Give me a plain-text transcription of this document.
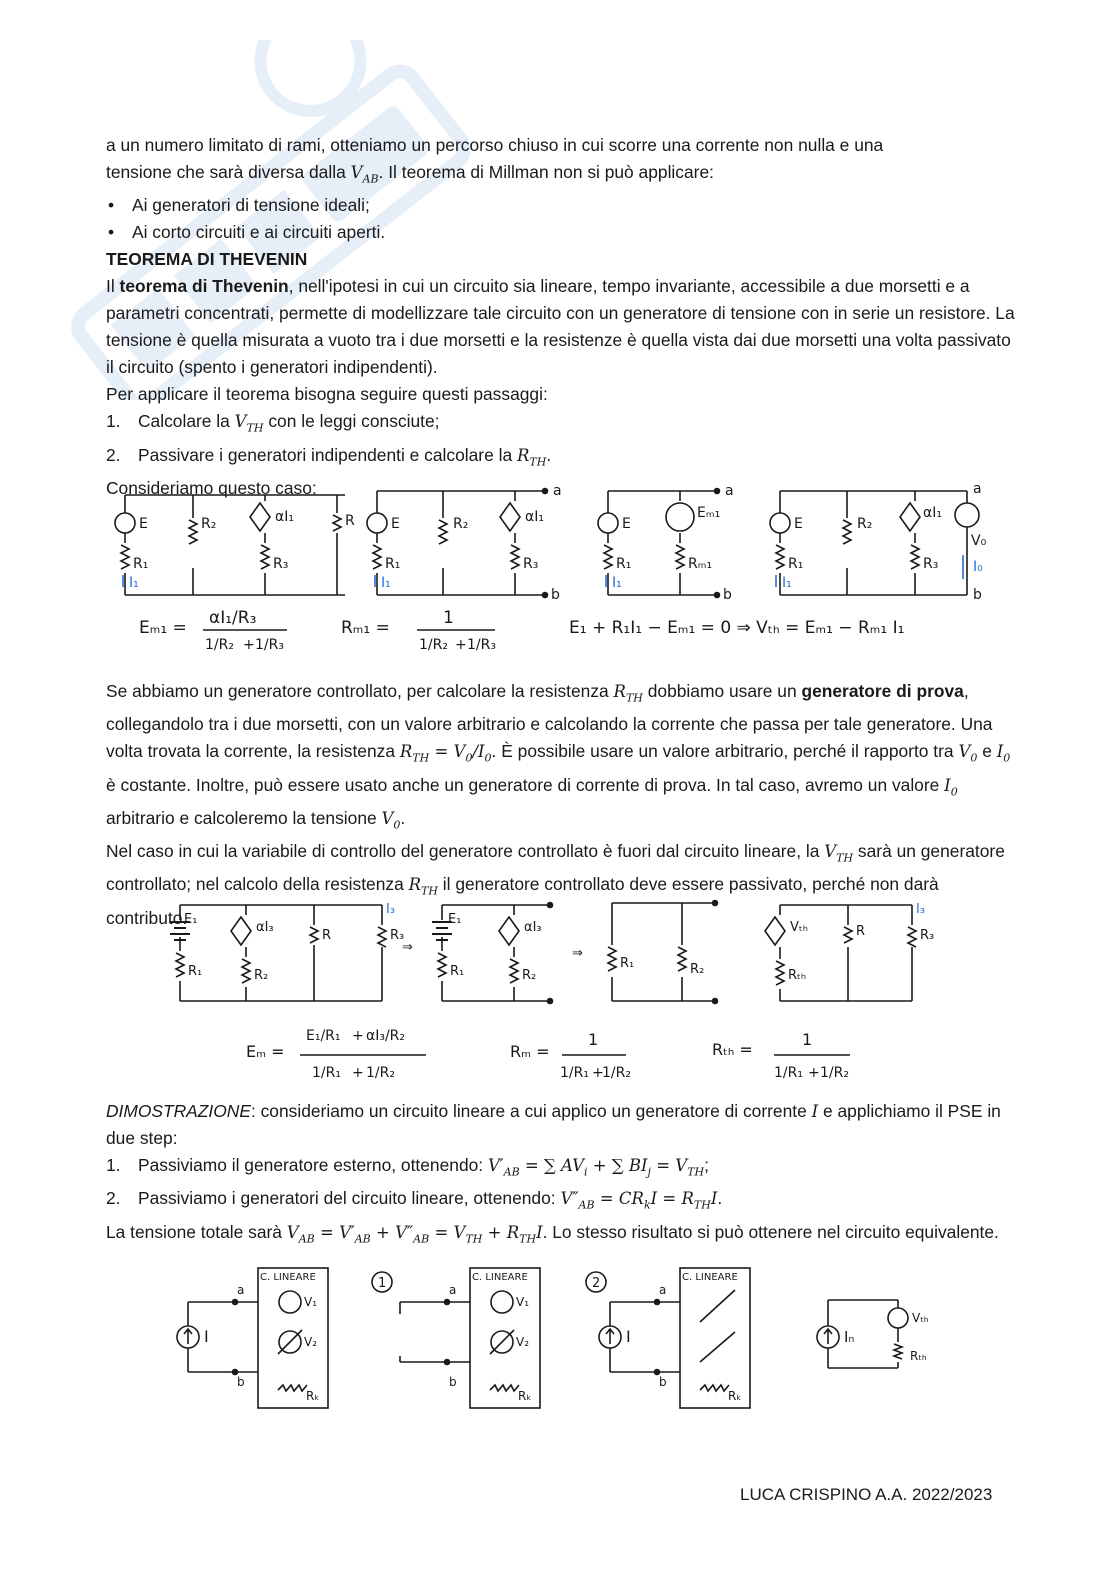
a un numero limitato di rami, otteniamo un percorso chiuso in cui scorre una corrente non nulla e una

tensione che sarà diversa dalla $V_{AB}$. Il teorema di Millman non si può applicare:

• Ai generatori di tensione ideali;
• Ai corto circuiti e ai circuiti aperti.

TEOREMA DI THEVENIN

Il teorema di Thevenin, nell'ipotesi in cui un circuito sia lineare, tempo invariante, accessibile a due morsetti e a parametri concentrati, permette di modellizzare tale circuito con un generatore di tensione con in serie un resistore. La tensione è quella misurata a vuoto tra i due morsetti e la resistenze è quella vista dai due morsetti una volta passivato il circuito (spento i generatori indipendenti).

Per applicare il teorema bisogna seguire questi passaggi:

1. Calcolare la $V_{TH}$ con le leggi consciute;
2. Passivare i generatori indipendenti e calcolare la $R_{TH}$.

Consideriamo questo caso:

E	R₂	αI₁	R
R₁	R₃
I₁
E	R₂	αI₁
R₁	R₃
a
b
I₁
E
Eₘ₁
R₁	Rₘ₁
a
b
I₁
E	R₂
αI₁
R₁	R₃
V₀
a
b
I₀
I₁
Eₘ₁ = αI₁/R₃
1/R₂ + 1/R₃
Rₘ₁ =	1
1/R₂ + 1/R₃
E₁ + R₁I₁ − Eₘ₁ = 0 ⇒ Vₜₕ = Eₘ₁ − Rₘ₁ I₁

Se abbiamo un generatore controllato, per calcolare la resistenza $R_{TH}$ dobbiamo usare un generatore di prova, collegandolo tra i due morsetti, con un valore arbitrario e calcolando la corrente che passa per tale generatore. Una volta trovata la corrente, la resistenza $R_{TH} = V_0/I_0$. È possibile usare un valore arbitrario, perché il rapporto tra $V_0$ e $I_0$ è costante. Inoltre, può essere usato anche un generatore di corrente di prova. In tal caso, avremo un valore $I_0$ arbitrario e calcoleremo la tensione $V_0$.

Nel caso in cui la variabile di controllo del generatore controllato è fuori dal circuito lineare, la $V_{TH}$ sarà un generatore controllato; nel calcolo della resistenza $R_{TH}$ il generatore controllato deve essere passivato, perché non darà contributo.

E₁
αI₃
R	R₃
R₁	R₂
I₃
⇒
E₁
αI₃
R₁	R₂
⇒
R₁	R₂
Vₜₕ	R	R₃
Rₜₕ
I₃
Eₘ =
E₁/R₁ + αI₃/R₂
1/R₁ + 1/R₂
Rₘ =
1
1/R₁ +
1/R₂
Rₜₕ =
1
1/R₁ + 1/R₂

DIMOSTRAZIONE: consideriamo un circuito lineare a cui applico un generatore di corrente I e applichiamo il PSE in due step:

1. Passiviamo il generatore esterno, ottenendo: $V'_{AB}$ = ∑ $AV_i$ + ∑ $BI_j = V_{TH}$;
2. Passiviamo i generatori del circuito lineare, ottenendo: $V''_{AB} = CR_kI = R_{TH}I$.

La tensione totale sarà $V_{AB} = V'_{AB} + V''_{AB} = V_{TH} + R_{TH}I$. Lo stesso risultato si può ottenere nel circuito equivalente.

I
a
b
C. LINEARE
V₁
V₂
Rₖ
1	a
b
C. LINEARE
V₁
V₂
Rₖ
2
I
a
b
C. LINEARE
Rₖ
Iₙ
Vₜₕ
Rₜₕ
LUCA CRISPINO A.A. 2022/2023
